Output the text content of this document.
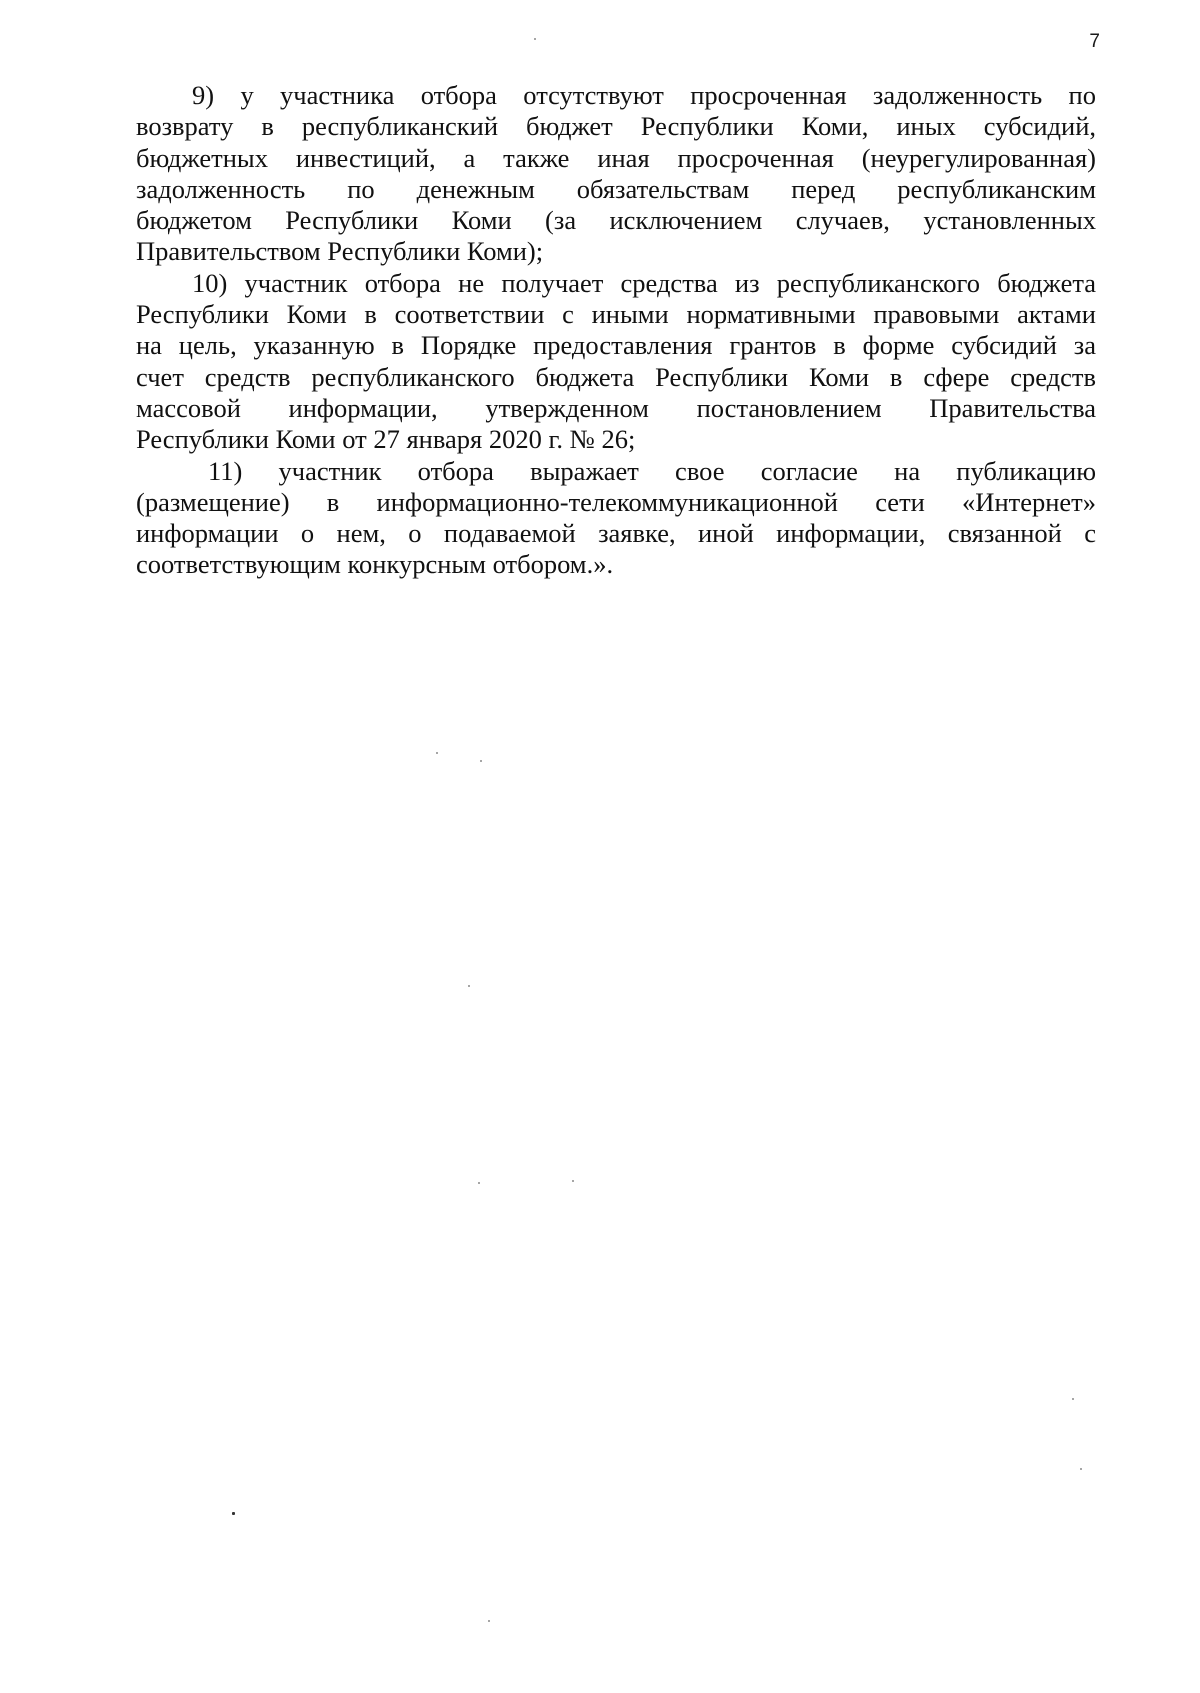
7
9) у участника отбора отсутствуют просроченная задолженность по
возврату в республиканский бюджет Республики Коми, иных субсидий,
бюджетных инвестиций, а также иная просроченная (неурегулированная)
задолженность по денежным обязательствам перед республиканским
бюджетом Республики Коми (за исключением случаев, установленных
Правительством Республики Коми);
10) участник отбора не получает средства из республиканского бюджета
Республики Коми в соответствии с иными нормативными правовыми актами
на цель, указанную в Порядке предоставления грантов в форме субсидий за
счет средств республиканского бюджета Республики Коми в сфере средств
массовой информации, утвержденном постановлением Правительства
Республики Коми от 27 января 2020 г. № 26;
11) участник отбора выражает свое согласие на публикацию
(размещение) в информационно-телекоммуникационной сети «Интернет»
информации о нем, о подаваемой заявке, иной информации, связанной с
соответствующим конкурсным отбором.».
